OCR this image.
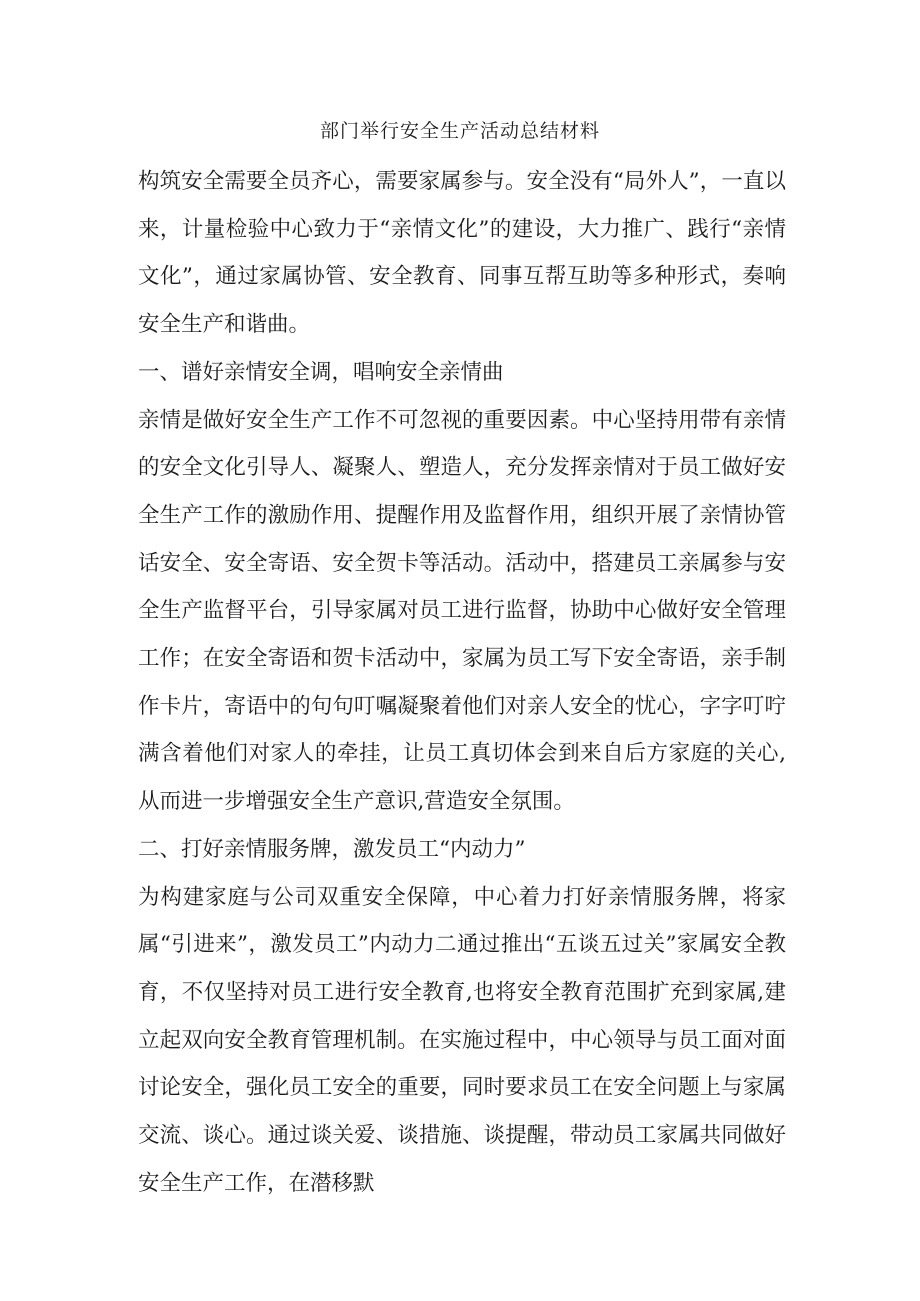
部门举行安全生产活动总结材料

构筑安全需要全员齐心，需要家属参与。安全没有“局外人”，一直以来，计量检验中心致力于“亲情文化”的建设，大力推广、践行“亲情文化”，通过家属协管、安全教育、同事互帮互助等多种形式，奏响安全生产和谐曲。

一、谱好亲情安全调，唱响安全亲情曲

亲情是做好安全生产工作不可忽视的重要因素。中心坚持用带有亲情的安全文化引导人、凝聚人、塑造人，充分发挥亲情对于员工做好安全生产工作的激励作用、提醒作用及监督作用，组织开展了亲情协管话安全、安全寄语、安全贺卡等活动。活动中，搭建员工亲属参与安全生产监督平台，引导家属对员工进行监督，协助中心做好安全管理工作；在安全寄语和贺卡活动中，家属为员工写下安全寄语，亲手制作卡片，寄语中的句句叮嘱凝聚着他们对亲人安全的忧心，字字叮咛满含着他们对家人的牵挂，让员工真切体会到来自后方家庭的关心,从而进一步增强安全生产意识,营造安全氛围。

二、打好亲情服务牌，激发员工“内动力”

为构建家庭与公司双重安全保障，中心着力打好亲情服务牌，将家属“引进来”，激发员工”内动力二通过推出“五谈五过关”家属安全教育，不仅坚持对员工进行安全教育,也将安全教育范围扩充到家属,建立起双向安全教育管理机制。在实施过程中，中心领导与员工面对面讨论安全，强化员工安全的重要，同时要求员工在安全问题上与家属交流、谈心。通过谈关爱、谈措施、谈提醒，带动员工家属共同做好安全生产工作，在潜移默
